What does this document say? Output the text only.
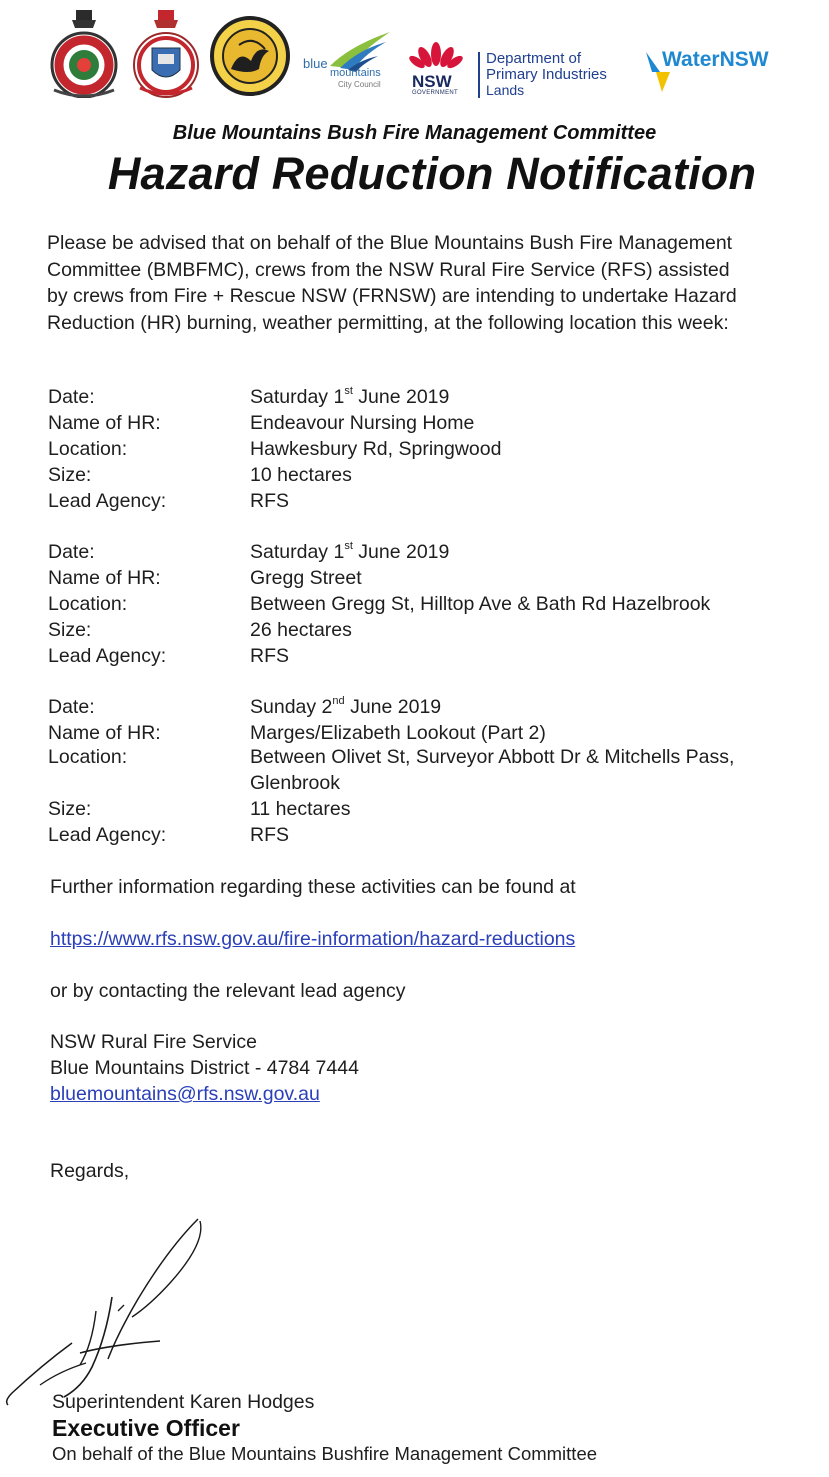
blue
mountains
City Council NSW
GOVERNMENT
Department of
Primary Industries
Lands
WaterNSW
Blue Mountains Bush Fire Management Committee
Hazard Reduction Notification

Please be advised that on behalf of the Blue Mountains Bush Fire Management

Committee (BMBFMC), crews from the NSW Rural Fire Service (RFS) assisted

by crews from Fire + Rescue NSW (FRNSW) are intending to undertake Hazard

Reduction (HR) burning, weather permitting, at the following location this week:

Date:	Saturday 1st June 2019
Name of HR:	Endeavour Nursing Home
Location:	Hawkesbury Rd, Springwood
Size:	10 hectares
Lead Agency:	RFS
Date:	Saturday 1st June 2019
Name of HR:	Gregg Street
Location:	Between Gregg St, Hilltop Ave & Bath Rd Hazelbrook
Size:	26 hectares
Lead Agency:	RFS
Date:	Sunday 2nd June 2019
Name of HR:	Marges/Elizabeth Lookout (Part 2)
Location:	Between Olivet St, Surveyor Abbott Dr & Mitchells Pass,
Glenbrook
Size:	11 hectares
Lead Agency:	RFS
Further information regarding these activities can be found at
https://www.rfs.nsw.gov.au/fire-information/hazard-reductions
or by contacting the relevant lead agency
NSW Rural Fire Service
Blue Mountains District - 4784 7444
bluemountains@rfs.nsw.gov.au
Regards,
Superintendent Karen Hodges
Executive Officer
On behalf of the Blue Mountains Bushfire Management Committee
